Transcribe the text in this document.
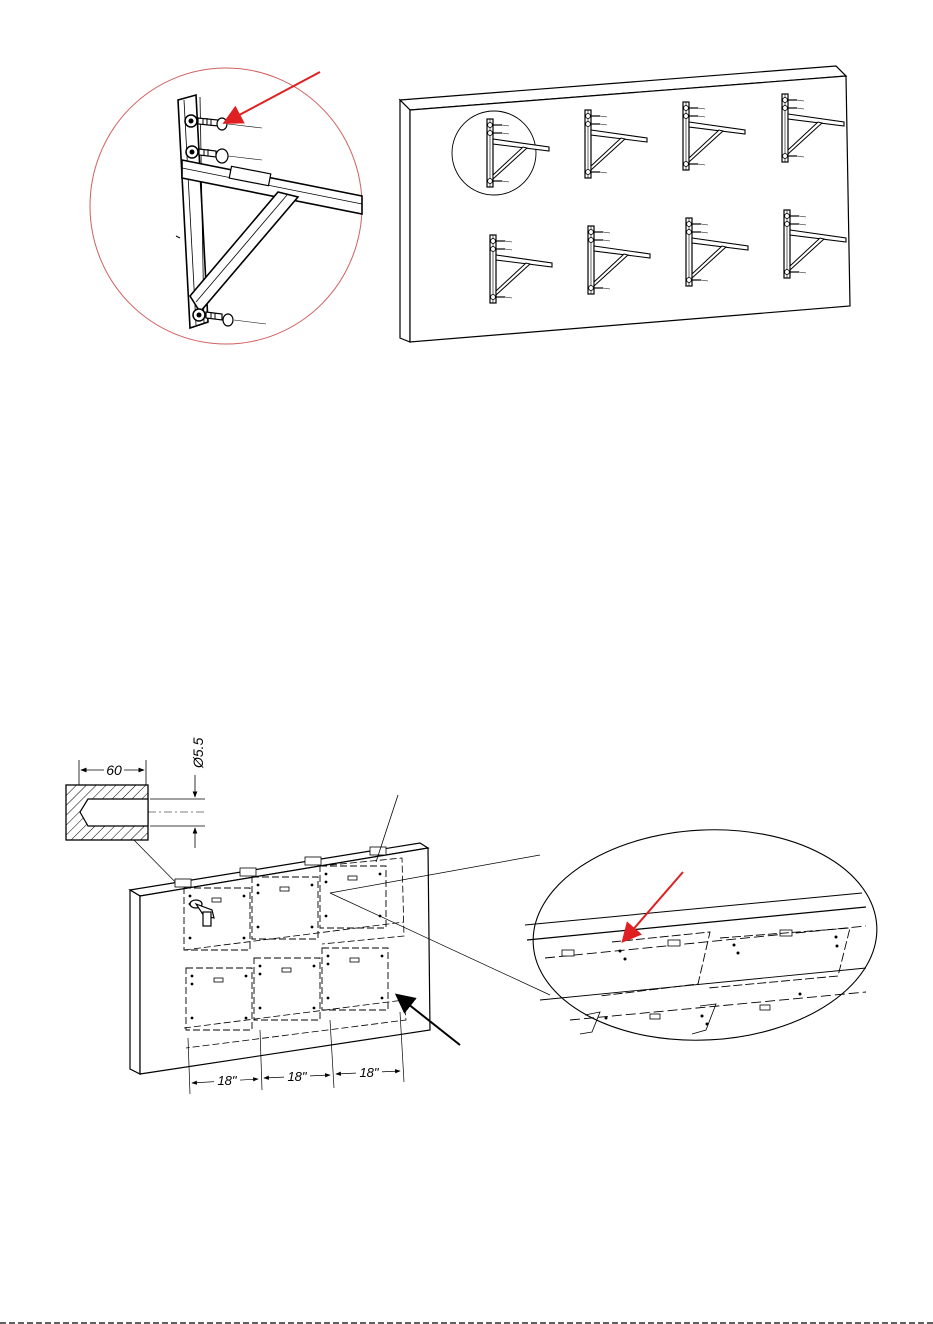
60
Ø5.5
18"	18"	18"
